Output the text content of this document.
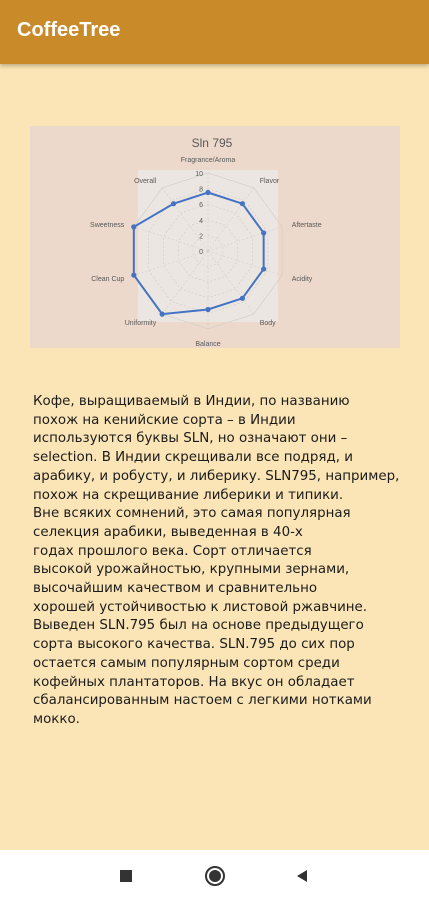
CoffeeTree
Sln 795
0
2
4
6
8
10
Fragrance/Aroma
Flavor
Aftertaste
Acidity
Body
Balance
Uniformity
Clean Cup
Sweetness
Overall
Кофе, выращиваемый в Индии, по названию
похож на кенийские сорта – в Индии
используются буквы SLN, но означают они –
selection. В Индии скрещивали все подряд, и
арабику, и робусту, и либерику. SLN795, например,
похож на скрещивание либерики и типики.
Вне всяких сомнений, это самая популярная
селекция арабики, выведенная в 40-х
годах прошлого века. Сорт отличается
высокой урожайностью, крупными зернами,
высочайшим качеством и сравнительно
хорошей устойчивостью к листовой ржавчине.
Выведен SLN.795 был на основе предыдущего
сорта высокого качества. SLN.795 до сих пор
остается самым популярным сортом среди
кофейных плантаторов. На вкус он обладает
сбалансированным настоем с легкими нотками
мокко.
